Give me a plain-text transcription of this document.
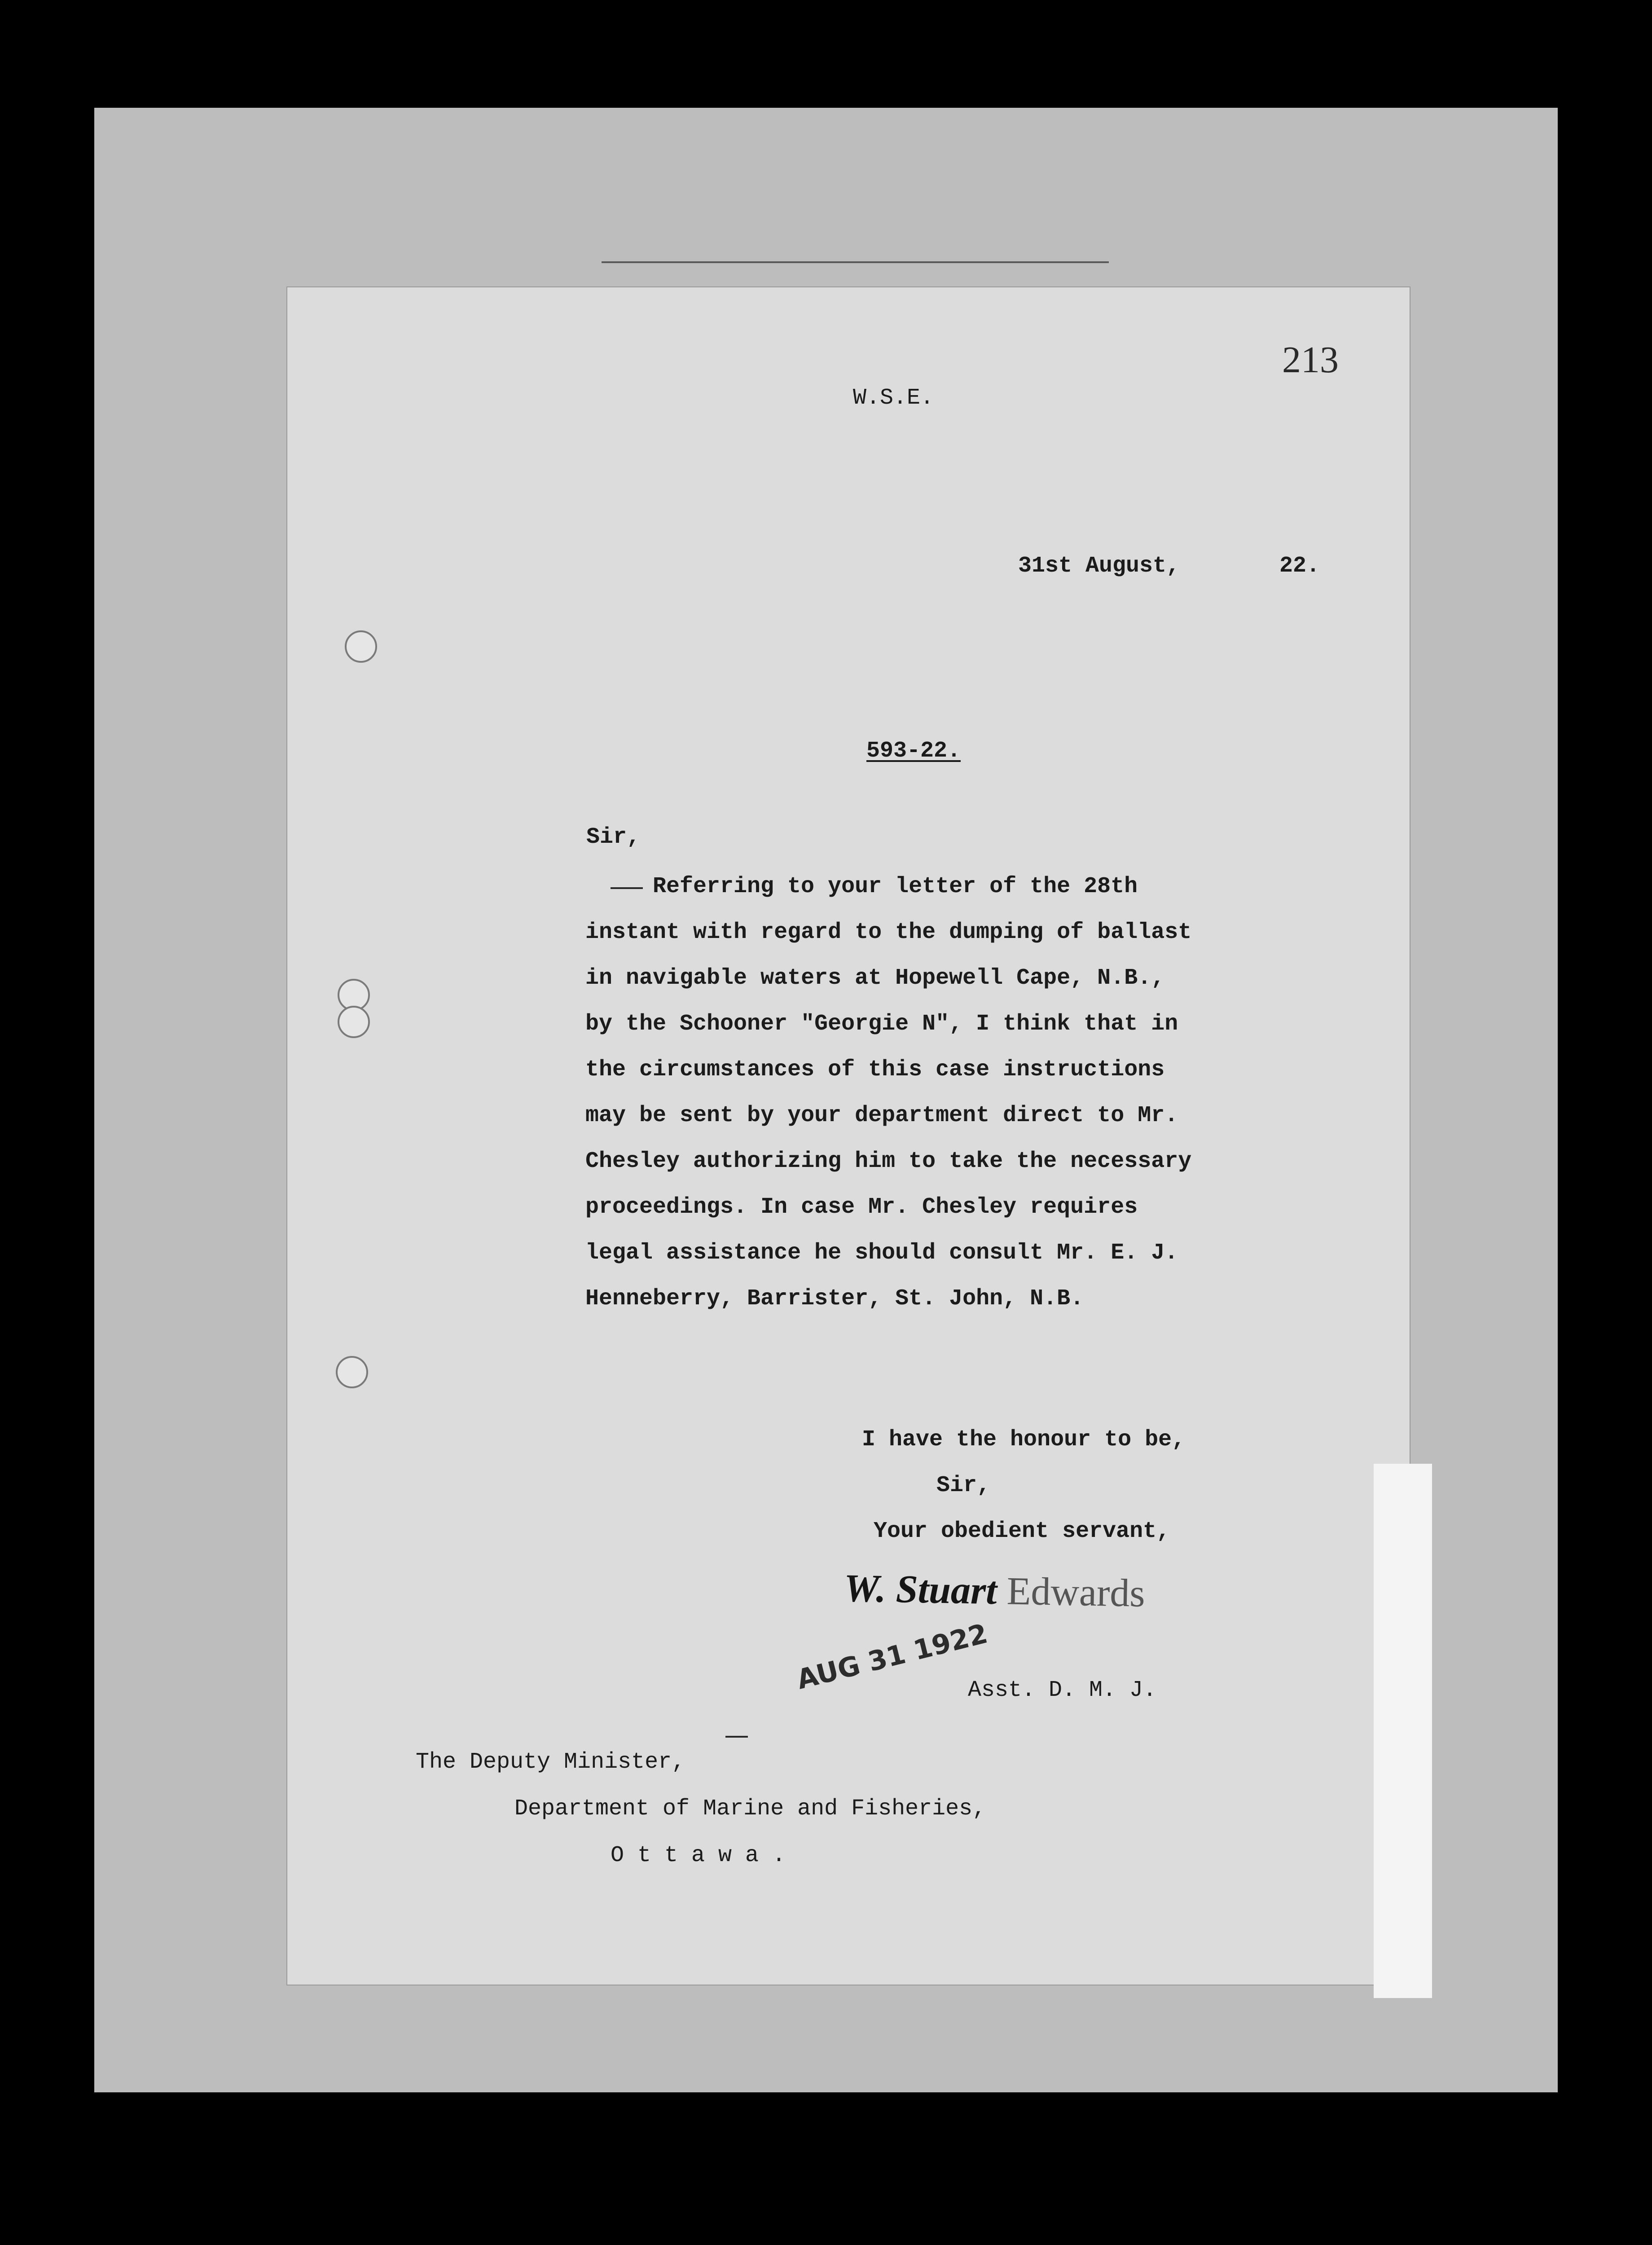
213
W.S.E.
31st August,	22.
593-22.
Sir,
Referring to your letter of the 28th
instant with regard to the dumping of ballast
in navigable waters at Hopewell Cape, N.B.,
by the Schooner "Georgie N", I think that in
the circumstances of this case instructions
may be sent by your department direct to Mr.
Chesley authorizing him to take the necessary
proceedings. In case Mr. Chesley requires
legal assistance he should consult Mr. E. J.
Henneberry, Barrister, St. John, N.B.
I have the honour to be,
Sir,
Your obedient servant,
W. Stuart Edwards
AUG 31 1922
Asst. D. M. J.
The Deputy Minister,
Department of Marine and Fisheries,
O t t a w a .
